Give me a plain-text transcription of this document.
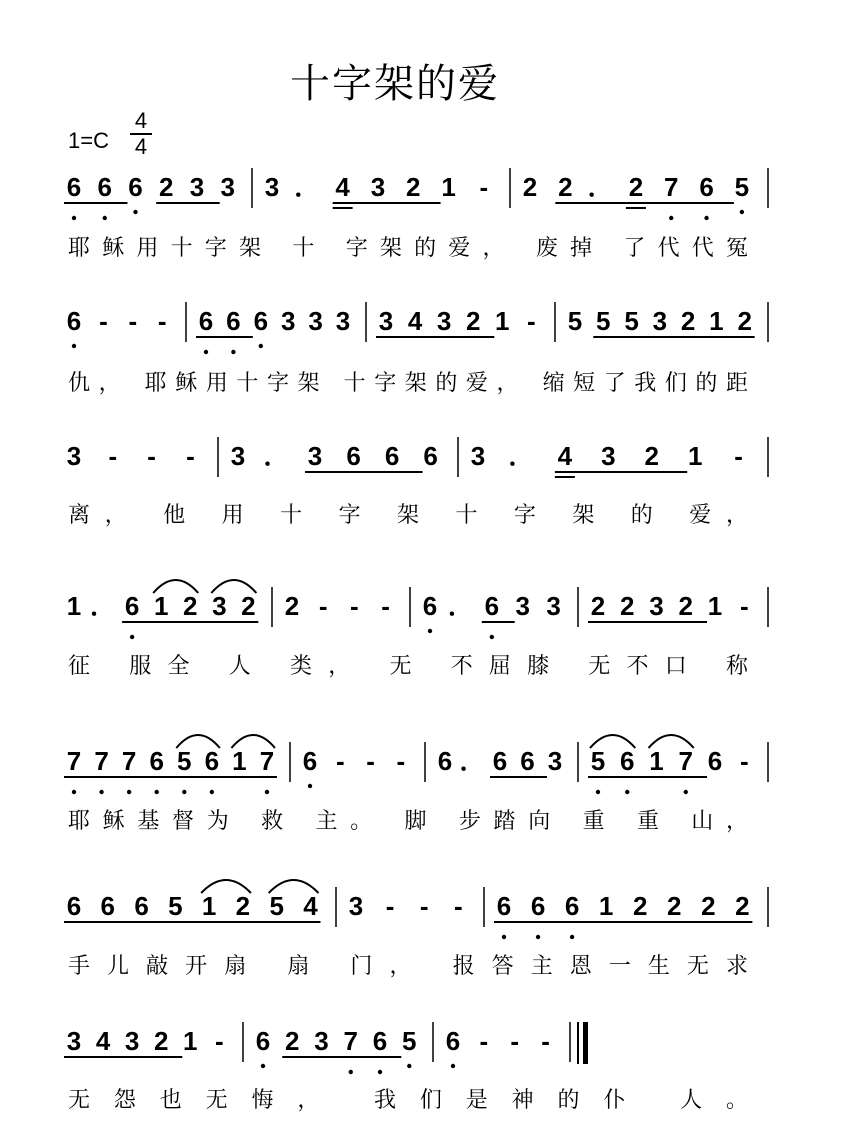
十字架的爱
1=C
4
4
6 6 6 2 3 3 3 ． 4 3 2 1 - 2 2 ． 2 7 6 5
耶稣用十字架 十 字架的爱， 废掉 了代代冤
6 - - - 6 6 6 3 3 3 3 4 3 2 1 - 5 5 5 3 2 1 2
仇， 耶稣用十字架 十字架的爱， 缩短了我们的距
3 - - - 3 ． 3 6 6 6 3 ． 4 3 2 1 -
离， 他 用 十 字 架 十 字 架 的 爱，
1 ． 6 1 2 3 2 2 - - - 6 ． 6 3 3 2 2 3 2 1 -
征 服全 人 类， 无 不屈膝 无不口 称
7 7 7 6 5 6 1 7 6 - - - 6 ． 6 6 3 5 6 1 7 6 -
耶稣基督为 救 主。 脚 步踏向 重 重 山，
6 6 6 5 1 2 5 4 3 - - - 6 6 6 1 2 2 2 2
手儿敲开扇 扇 门， 报答主恩一生无求
3 4 3 2 1 - 6 2 3 7 6 5 6 - - -
无怨也无悔， 我们是神的仆 人。
